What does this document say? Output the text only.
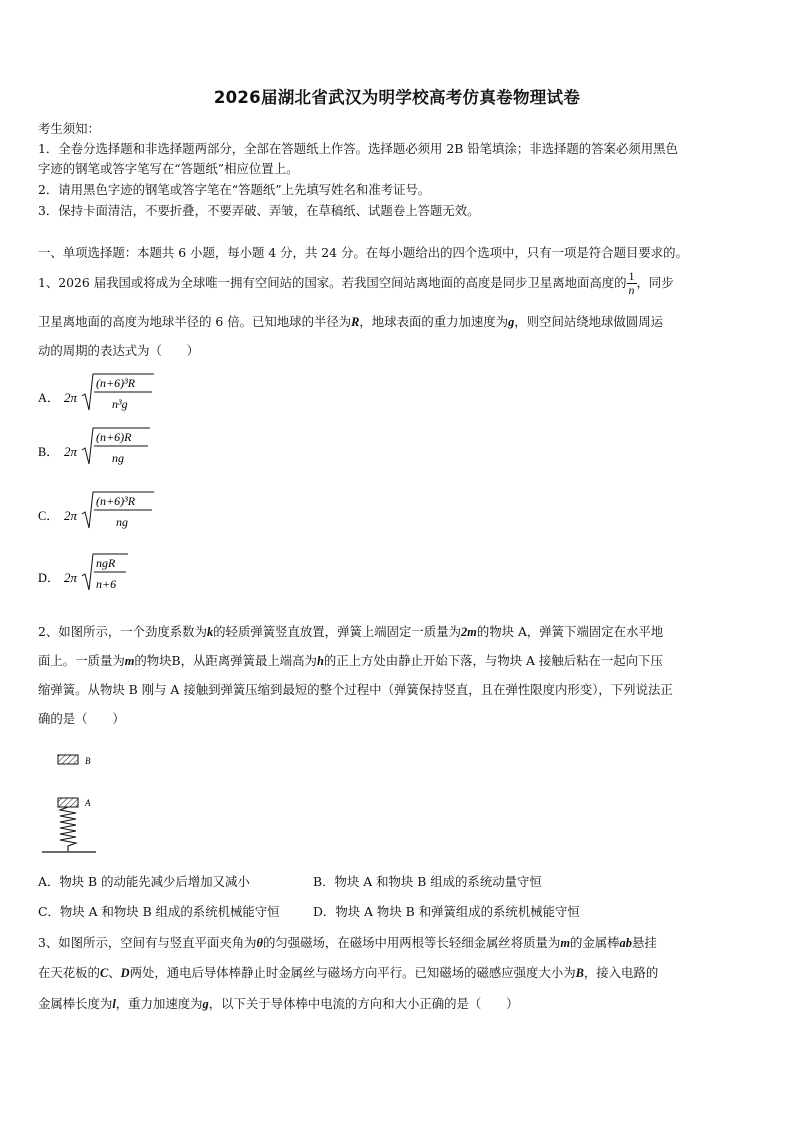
2026届湖北省武汉为明学校高考仿真卷物理试卷
考生须知：
1．全卷分选择题和非选择题两部分，全部在答题纸上作答。选择题必须用 2B 铅笔填涂；非选择题的答案必须用黑色
字迹的钢笔或答字笔写在“答题纸”相应位置上。
2．请用黑色字迹的钢笔或答字笔在“答题纸”上先填写姓名和准考证号。
3．保持卡面清洁，不要折叠，不要弄破、弄皱，在草稿纸、试题卷上答题无效。
一、单项选择题：本题共 6 小题，每小题 4 分，共 24 分。在每小题给出的四个选项中，只有一项是符合题目要求的。
1、2026 届我国或将成为全球唯一拥有空间站的国家。若我国空间站离地面的高度是同步卫星离地面高度的 $\frac{1}{n}$ ，同步
卫星离地面的高度为地球半径的 6 倍。已知地球的半径为R，地球表面的重力加速度为g，则空间站绕地球做圆周运
动的周期的表达式为（　　）
A． 2π
(n+6)³R
n³g
B． 2π
(n+6)R
ng
C． 2π
(n+6)³R
ng
D． 2π
ngR
n+6
2、如图所示，一个劲度系数为k的轻质弹簧竖直放置，弹簧上端固定一质量为2m的物块 A，弹簧下端固定在水平地
面上。一质量为m的物块B，从距离弹簧最上端高为h的正上方处由静止开始下落，与物块 A 接触后粘在一起向下压
缩弹簧。从物块 B 刚与 A 接触到弹簧压缩到最短的整个过程中（弹簧保持竖直，且在弹性限度内形变），下列说法正
确的是（　　）
B
A
A．物块 B 的动能先减少后增加又减小	B．物块 A 和物块 B 组成的系统动量守恒
C．物块 A 和物块 B 组成的系统机械能守恒	D．物块 A 物块 B 和弹簧组成的系统机械能守恒
3、如图所示，空间有与竖直平面夹角为θ的匀强磁场，在磁场中用两根等长轻细金属丝将质量为m的金属棒ab悬挂
在天花板的C、D两处，通电后导体棒静止时金属丝与磁场方向平行。已知磁场的磁感应强度大小为B，接入电路的
金属棒长度为l，重力加速度为g，以下关于导体棒中电流的方向和大小正确的是（　　）
